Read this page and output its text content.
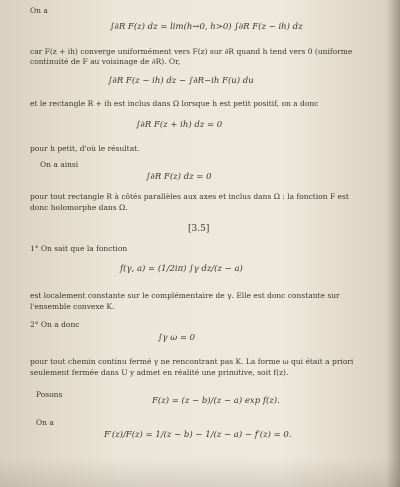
On a
∫∂R F(z) dz = lim(h→0, h>0) ∫∂R F(z − ih) dz
car F(z + ih) converge uniformément vers F(z) sur ∂R quand h tend vers 0 (uniforme
continuité de F au voisinage de ∂R). Or,
∫∂R F(z − ih) dz − ∫∂R−ih F(u) du
et le rectangle R + ih est inclus dans Ω lorsque h est petit positif, on a donc
∫∂R F(z + ih) dz = 0
pour h petit, d'où le résultat.
On a ainsi
∫∂R F(z) dz = 0
pour tout rectangle R à côtés parallèles aux axes et inclus dans Ω : la fonction F est
donc holomorphe dans Ω.
[3.5]
1° On sait que la fonction
f(γ, a) = (1/2iπ) ∫γ dz/(z − a)
est localement constante sur le complémentaire de γ. Elle est donc constante sur
l'ensemble convexe K.
2° On a donc
∫γ ω = 0
pour tout chemin continu fermé γ ne rencontrant pas K. La forme ω qui était a priori
seulement fermée dans U y admet en réalité une primitive, soit f(z).
Posons
F(z) = (z − b)/(z − a) exp f(z).
On a
F′(z)/F(z) = 1/(z − b) − 1/(z − a) − f′(z) = 0.
